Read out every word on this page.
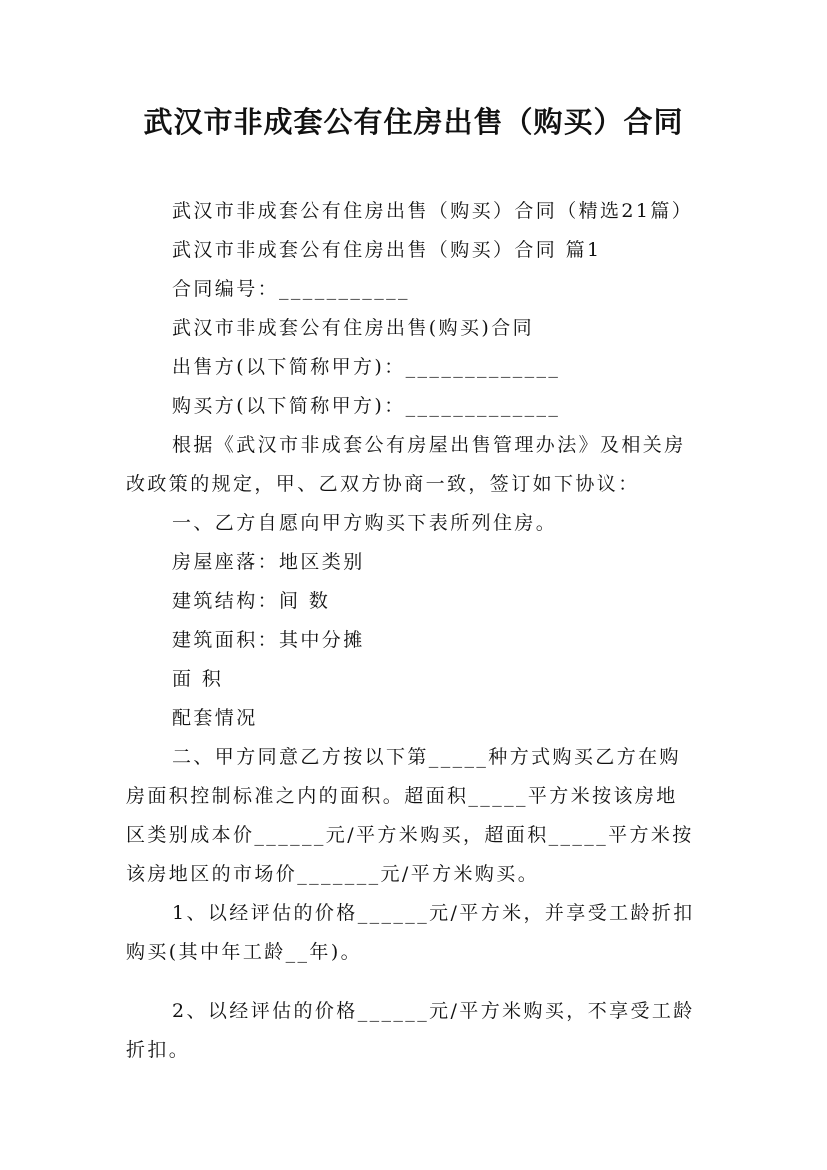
武汉市非成套公有住房出售（购买）合同
武汉市非成套公有住房出售（购买）合同（精选21篇）
武汉市非成套公有住房出售（购买）合同 篇1
合同编号：___________
武汉市非成套公有住房出售(购买)合同
出售方(以下简称甲方)：_____________
购买方(以下简称甲方)：_____________
根据《武汉市非成套公有房屋出售管理办法》及相关房
改政策的规定，甲、乙双方协商一致，签订如下协议：
一、乙方自愿向甲方购买下表所列住房。
房屋座落：地区类别
建筑结构：间 数
建筑面积：其中分摊
面 积
配套情况
二、甲方同意乙方按以下第_____种方式购买乙方在购
房面积控制标准之内的面积。超面积_____平方米按该房地
区类别成本价______元/平方米购买，超面积_____平方米按
该房地区的市场价_______元/平方米购买。
1、以经评估的价格______元/平方米，并享受工龄折扣
购买(其中年工龄__年)。
2、以经评估的价格______元/平方米购买，不享受工龄
折扣。
